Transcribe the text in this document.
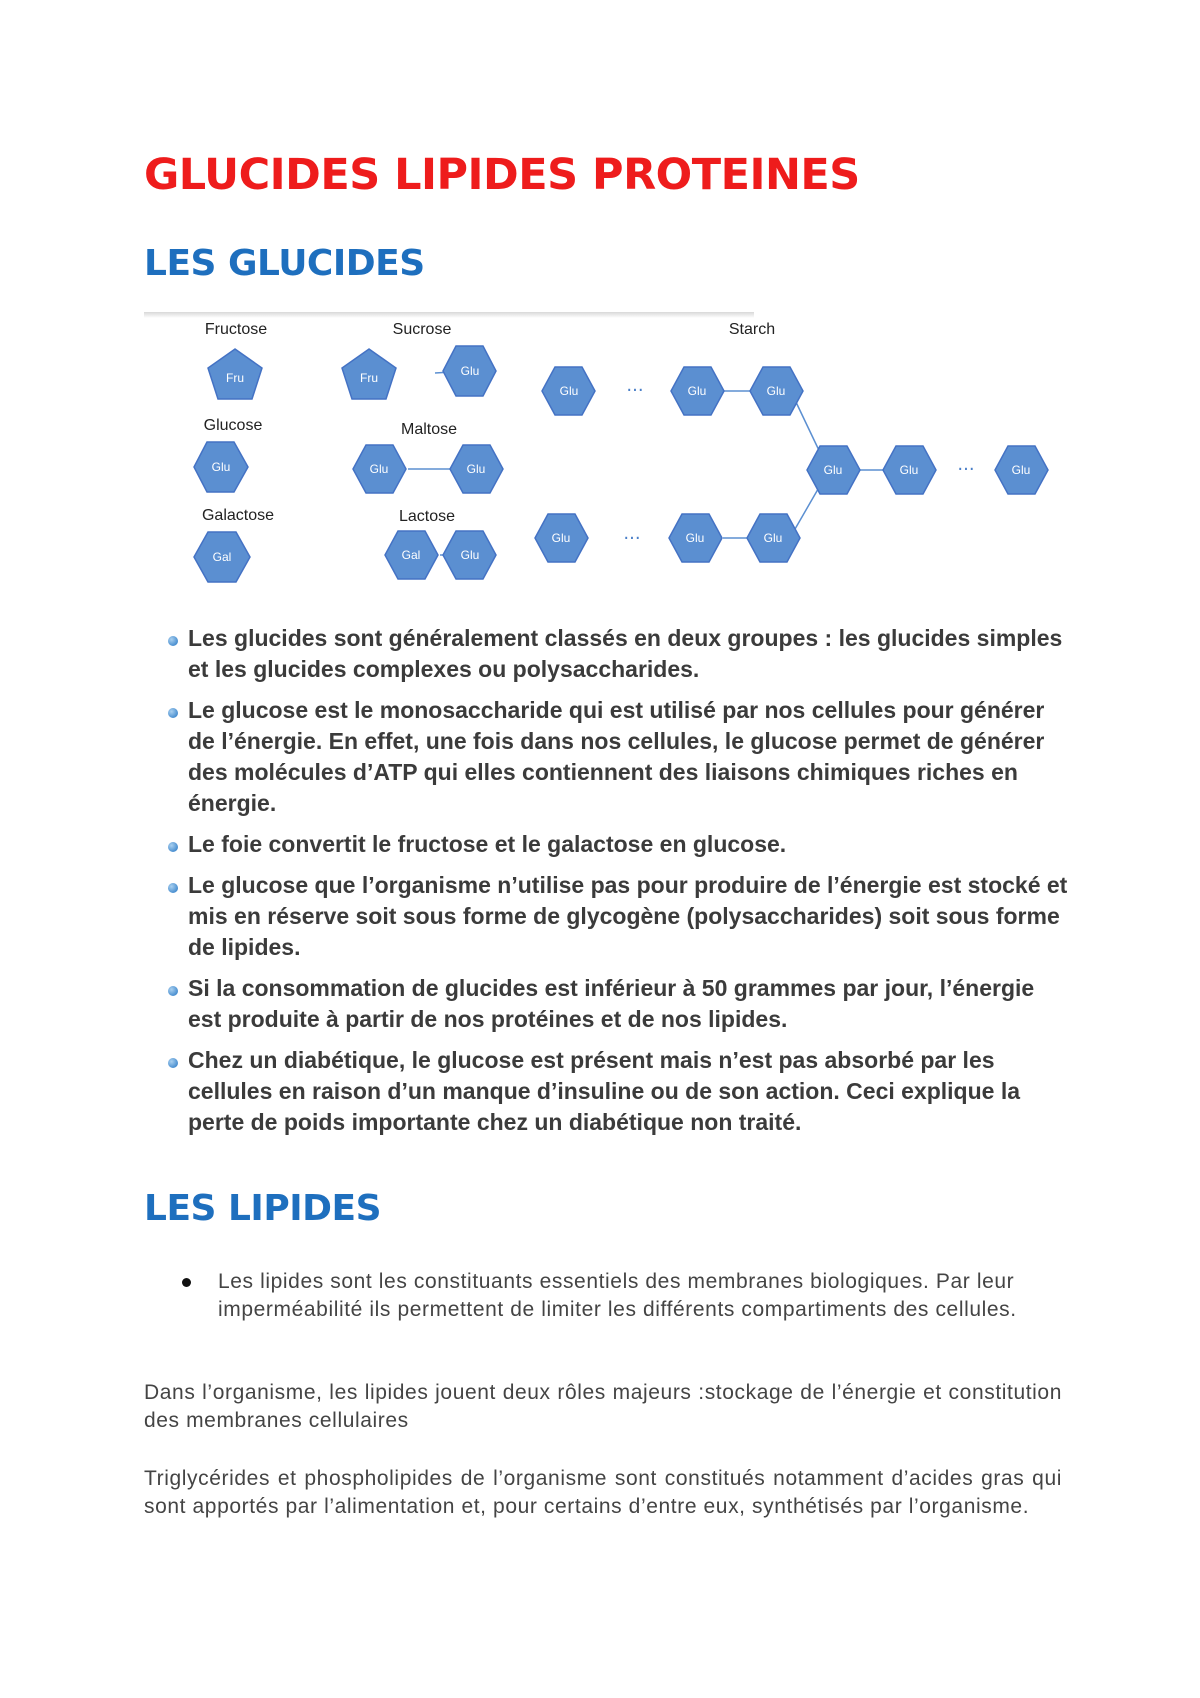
GLUCIDES LIPIDES PROTEINES
LES GLUCIDES
Fructose
Glucose
Galactose
Sucrose
Maltose
Lactose
Starch
···
···
···
Fru	Fru
Glu
Gal
Glu
Glu	Glu
Gal	Glu
Glu	Glu	Glu
Glu	Glu	Glu
Glu	Glu	Glu
Les glucides sont généralement classés en deux groupes : les glucides simples et les glucides complexes ou polysaccharides.
Le glucose est le monosaccharide qui est utilisé par nos cellules pour générer de l’énergie. En effet, une fois dans nos cellules, le glucose permet de générer des molécules d’ATP qui elles contiennent des liaisons chimiques riches en énergie.
Le foie convertit le fructose et le galactose en glucose.
Le glucose que l’organisme n’utilise pas pour produire de l’énergie est stocké et mis en réserve soit sous forme de glycogène (polysaccharides) soit sous forme de lipides.
Si la consommation de glucides est inférieur à 50 grammes par jour, l’énergie est produite à partir de nos protéines et de nos lipides.
Chez un diabétique, le glucose est présent mais n’est pas absorbé par les cellules en raison d’un manque d’insuline ou de son action. Ceci explique la perte de poids importante chez un diabétique non traité.
LES LIPIDES
Les lipides sont les constituants essentiels des membranes biologiques. Par leur imperméabilité ils permettent de limiter les différents compartiments des cellules.

Dans l’organisme, les lipides jouent deux rôles majeurs :stockage de l’énergie et constitution des membranes cellulaires

Triglycérides et phospholipides de l’organisme sont constitués notamment d’acides gras qui sont apportés par l’alimentation et, pour certains d’entre eux, synthétisés par l’organisme.
